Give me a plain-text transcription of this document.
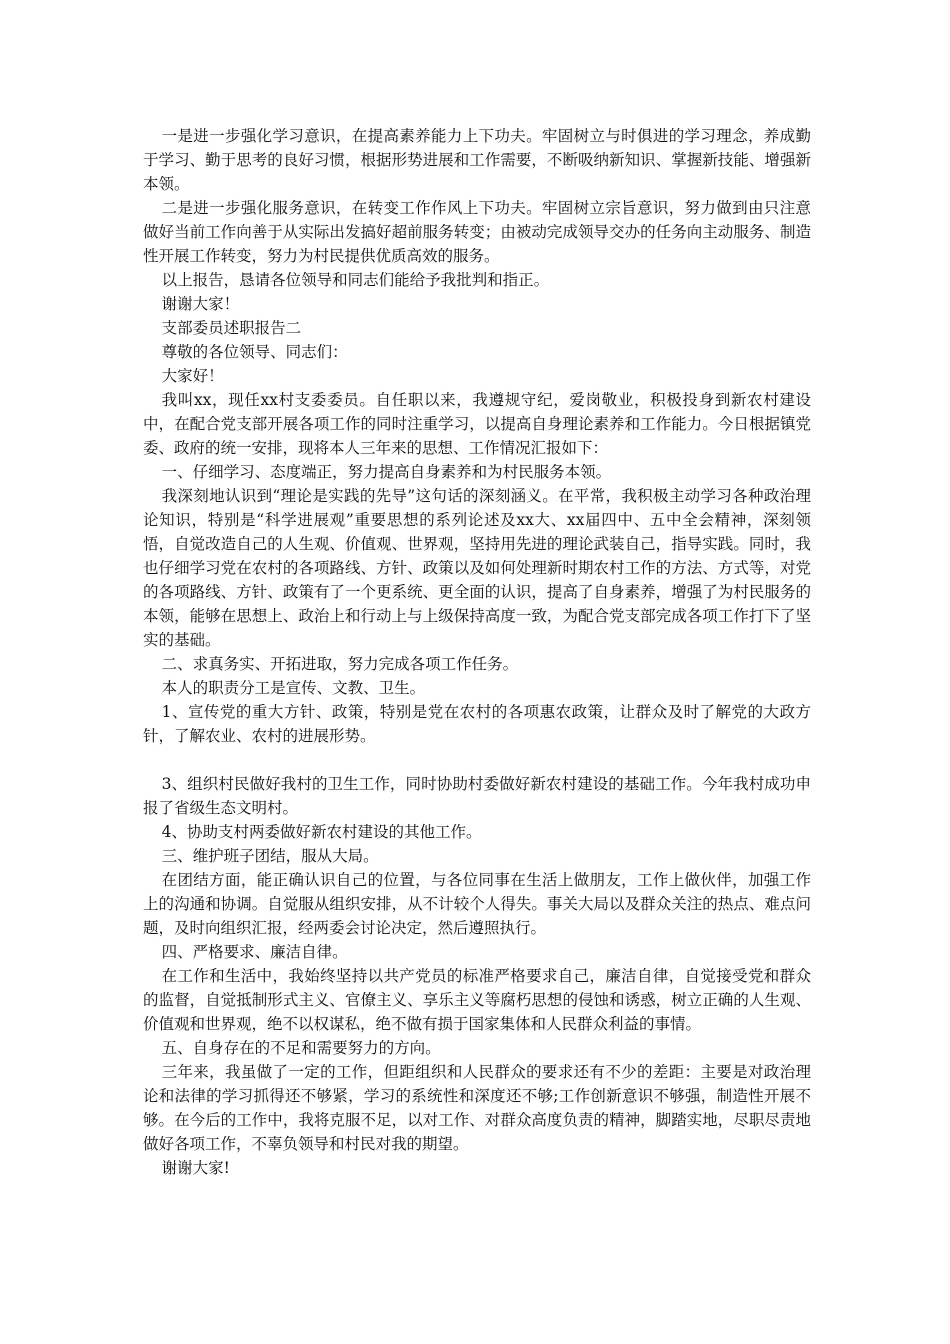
一是进一步强化学习意识，在提高素养能力上下功夫。牢固树立与时俱进的学习理念，养成勤于学习、勤于思考的良好习惯，根据形势进展和工作需要，不断吸纳新知识、掌握新技能、增强新本领。

二是进一步强化服务意识，在转变工作作风上下功夫。牢固树立宗旨意识，努力做到由只注意做好当前工作向善于从实际出发搞好超前服务转变；由被动完成领导交办的任务向主动服务、制造性开展工作转变，努力为村民提供优质高效的服务。

以上报告，恳请各位领导和同志们能给予我批判和指正。

谢谢大家！

支部委员述职报告二

尊敬的各位领导、同志们：

大家好！

我叫xx，现任xx村支委委员。自任职以来，我遵规守纪，爱岗敬业，积极投身到新农村建设中，在配合党支部开展各项工作的同时注重学习，以提高自身理论素养和工作能力。今日根据镇党委、政府的统一安排，现将本人三年来的思想、工作情况汇报如下：

一、仔细学习、态度端正，努力提高自身素养和为村民服务本领。

我深刻地认识到“理论是实践的先导”这句话的深刻涵义。在平常，我积极主动学习各种政治理论知识，特别是“科学进展观”重要思想的系列论述及xx大、xx届四中、五中全会精神，深刻领悟，自觉改造自己的人生观、价值观、世界观，坚持用先进的理论武装自己，指导实践。同时，我也仔细学习党在农村的各项路线、方针、政策以及如何处理新时期农村工作的方法、方式等，对党的各项路线、方针、政策有了一个更系统、更全面的认识，提高了自身素养，增强了为村民服务的本领，能够在思想上、政治上和行动上与上级保持高度一致，为配合党支部完成各项工作打下了坚实的基础。

二、求真务实、开拓进取，努力完成各项工作任务。

本人的职责分工是宣传、文教、卫生。

1、宣传党的重大方针、政策，特别是党在农村的各项惠农政策，让群众及时了解党的大政方针，了解农业、农村的进展形势。

3、组织村民做好我村的卫生工作，同时协助村委做好新农村建设的基础工作。今年我村成功申报了省级生态文明村。

4、协助支村两委做好新农村建设的其他工作。

三、维护班子团结，服从大局。

在团结方面，能正确认识自己的位置，与各位同事在生活上做朋友，工作上做伙伴，加强工作上的沟通和协调。自觉服从组织安排，从不计较个人得失。事关大局以及群众关注的热点、难点问题，及时向组织汇报，经两委会讨论决定，然后遵照执行。

四、严格要求、廉洁自律。

在工作和生活中，我始终坚持以共产党员的标准严格要求自己，廉洁自律，自觉接受党和群众的监督，自觉抵制形式主义、官僚主义、享乐主义等腐朽思想的侵蚀和诱惑，树立正确的人生观、价值观和世界观，绝不以权谋私，绝不做有损于国家集体和人民群众利益的事情。

五、自身存在的不足和需要努力的方向。

三年来，我虽做了一定的工作，但距组织和人民群众的要求还有不少的差距：主要是对政治理论和法律的学习抓得还不够紧，学习的系统性和深度还不够;工作创新意识不够强，制造性开展不够。在今后的工作中，我将克服不足，以对工作、对群众高度负责的精神，脚踏实地，尽职尽责地做好各项工作，不辜负领导和村民对我的期望。

谢谢大家!
